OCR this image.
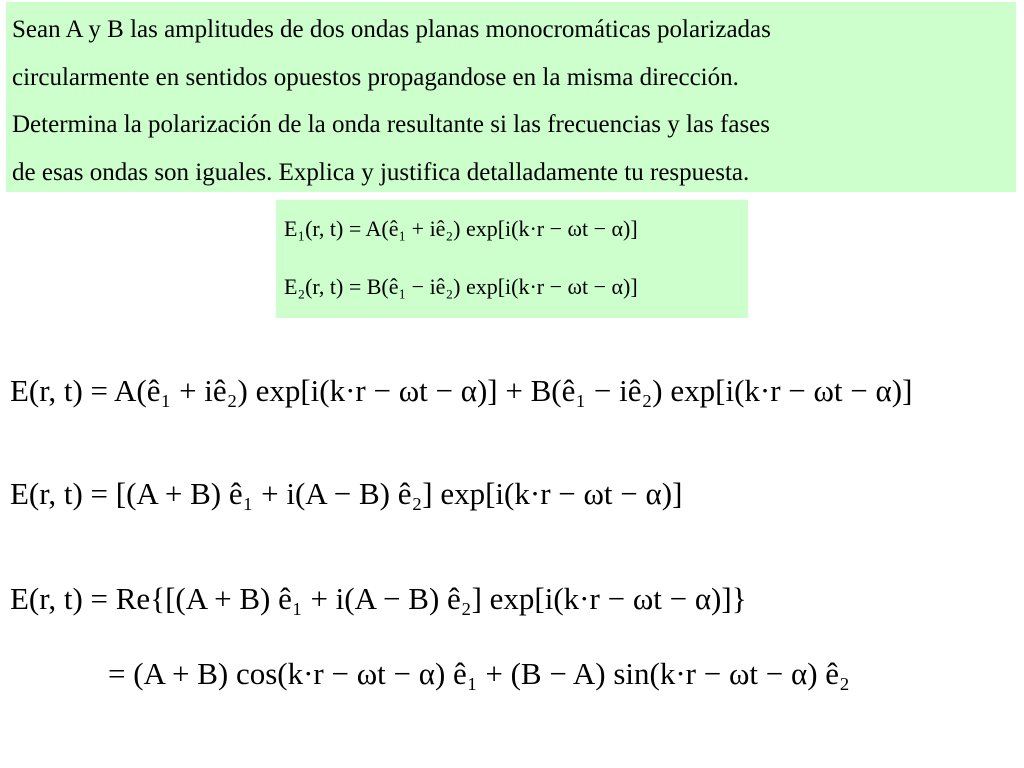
Sean A y B las amplitudes de dos ondas planas monocromáticas polarizadas
circularmente en sentidos opuestos propagandose en la misma dirección.
Determina la polarización de la onda resultante si las frecuencias y las fases
de esas ondas son iguales. Explica y justifica detalladamente tu respuesta.
E₁(r, t) = A(ê₁ + iê₂) exp[i(k·r − ωt − α)]
E₂(r, t) = B(ê₁ − iê₂) exp[i(k·r − ωt − α)]
E(r, t) = A(ê₁ + iê₂) exp[i(k·r − ωt − α)] + B(ê₁ − iê₂) exp[i(k·r − ωt − α)]
E(r, t) = [(A + B) ê₁ + i(A − B) ê₂] exp[i(k·r − ωt − α)]
E(r, t) = Re{[(A + B) ê₁ + i(A − B) ê₂] exp[i(k·r − ωt − α)]}
= (A + B) cos(k·r − ωt − α) ê₁ + (B − A) sin(k·r − ωt − α) ê₂
